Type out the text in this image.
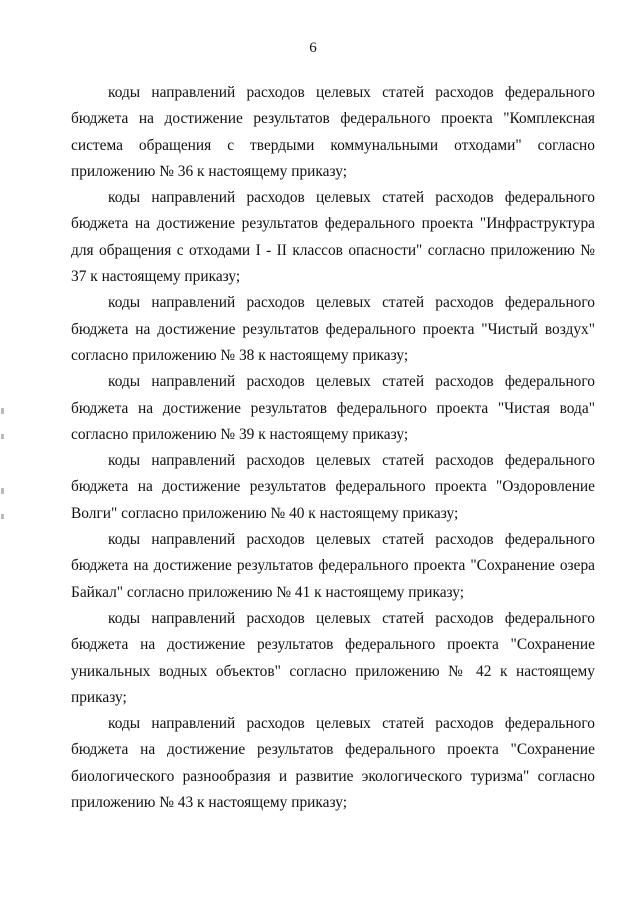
6

коды направлений расходов целевых статей расходов федерального бюджета на достижение результатов федерального проекта "Комплексная система обращения с твердыми коммунальными отходами" согласно приложению № 36 к настоящему приказу;

коды направлений расходов целевых статей расходов федерального бюджета на достижение результатов федерального проекта "Инфраструктура для обращения с отходами I - II классов опасности" согласно приложению № 37 к настоящему приказу;

коды направлений расходов целевых статей расходов федерального бюджета на достижение результатов федерального проекта "Чистый воздух" согласно приложению № 38 к настоящему приказу;

коды направлений расходов целевых статей расходов федерального бюджета на достижение результатов федерального проекта "Чистая вода" согласно приложению № 39 к настоящему приказу;

коды направлений расходов целевых статей расходов федерального бюджета на достижение результатов федерального проекта "Оздоровление Волги" согласно приложению № 40 к настоящему приказу;

коды направлений расходов целевых статей расходов федерального бюджета на достижение результатов федерального проекта "Сохранение озера Байкал" согласно приложению № 41 к настоящему приказу;

коды направлений расходов целевых статей расходов федерального бюджета на достижение результатов федерального проекта "Сохранение уникальных водных объектов" согласно приложению № 42 к настоящему приказу;

коды направлений расходов целевых статей расходов федерального бюджета на достижение результатов федерального проекта "Сохранение биологического разнообразия и развитие экологического туризма" согласно приложению № 43 к настоящему приказу;
